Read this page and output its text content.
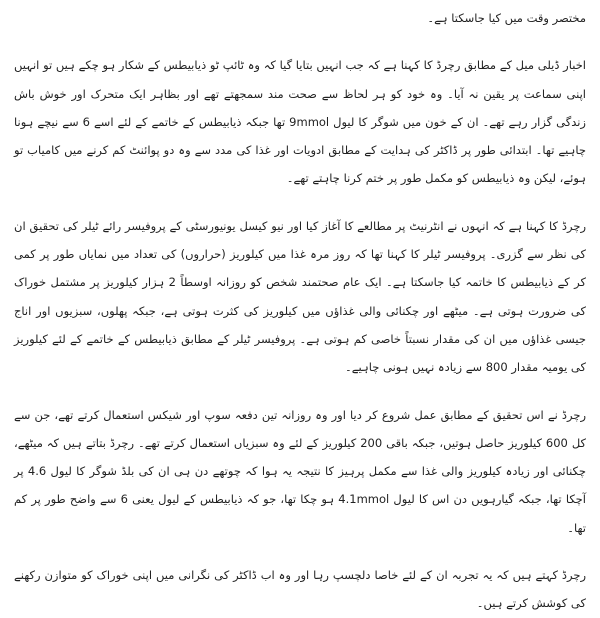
مختصر وقت میں کیا جاسکتا ہے۔

اخبار ڈیلی میل کے مطابق رچرڈ کا کہنا ہے کہ جب انہیں بتایا گیا کہ وہ ٹائپ ٹو ذیابیطس کے شکار ہو چکے ہیں تو انہیں اپنی سماعت پر یقین نہ آیا۔ وہ خود کو ہر لحاظ سے صحت مند سمجھتے تھے اور بظاہر ایک متحرک اور خوش باش زندگی گزار رہے تھے۔ ان کے خون میں شوگر کا لیول 9mmol تھا جبکہ ذیابیطس کے خاتمے کے لئے اسے 6 سے نیچے ہونا چاہیے تھا۔ ابتدائی طور پر ڈاکٹر کی ہدایت کے مطابق ادویات اور غذا کی مدد سے وہ دو پوائنٹ کم کرنے میں کامیاب تو ہوئے، لیکن وہ ذیابیطس کو مکمل طور پر ختم کرنا چاہتے تھے۔

رچرڈ کا کہنا ہے کہ انہوں نے انٹرنیٹ پر مطالعے کا آغاز کیا اور نیو کیسل یونیورسٹی کے پروفیسر رائے ٹیلر کی تحقیق ان کی نظر سے گزری۔ پروفیسر ٹیلر کا کہنا تھا کہ روز مرہ غذا میں کیلوریز (حراروں) کی تعداد میں نمایاں طور پر کمی کر کے ذیابیطس کا خاتمہ کیا جاسکتا ہے۔ ایک عام صحتمند شخص کو روزانہ اوسطاً 2 ہزار کیلوریز پر مشتمل خوراک کی ضرورت ہوتی ہے۔ میٹھے اور چکنائی والی غذاؤں میں کیلوریز کی کثرت ہوتی ہے، جبکہ پھلوں، سبزیوں اور اناج جیسی غذاؤں میں ان کی مقدار نسبتاً خاصی کم ہوتی ہے۔ پروفیسر ٹیلر کے مطابق ذیابیطس کے خاتمے کے لئے کیلوریز کی یومیہ مقدار 800 سے زیادہ نہیں ہونی چاہیے۔

رچرڈ نے اس تحقیق کے مطابق عمل شروع کر دیا اور وہ روزانہ تین دفعہ سوپ اور شیکس استعمال کرتے تھے، جن سے کل 600 کیلوریز حاصل ہوتیں، جبکہ باقی 200 کیلوریز کے لئے وہ سبزیاں استعمال کرتے تھے۔ رچرڈ بتاتے ہیں کہ میٹھے، چکنائی اور زیادہ کیلوریز والی غذا سے مکمل پرہیز کا نتیجہ یہ ہوا کہ چوتھے دن ہی ان کی بلڈ شوگر کا لیول 4.6 پر آچکا تھا، جبکہ گیارہویں دن اس کا لیول 4.1mmol ہو چکا تھا، جو کہ ذیابیطس کے لیول یعنی 6 سے واضح طور پر کم تھا۔

رچرڈ کہتے ہیں کہ یہ تجربہ ان کے لئے خاصا دلچسپ رہا اور وہ اب ڈاکٹر کی نگرانی میں اپنی خوراک کو متوازن رکھنے کی کوشش کرتے ہیں۔
